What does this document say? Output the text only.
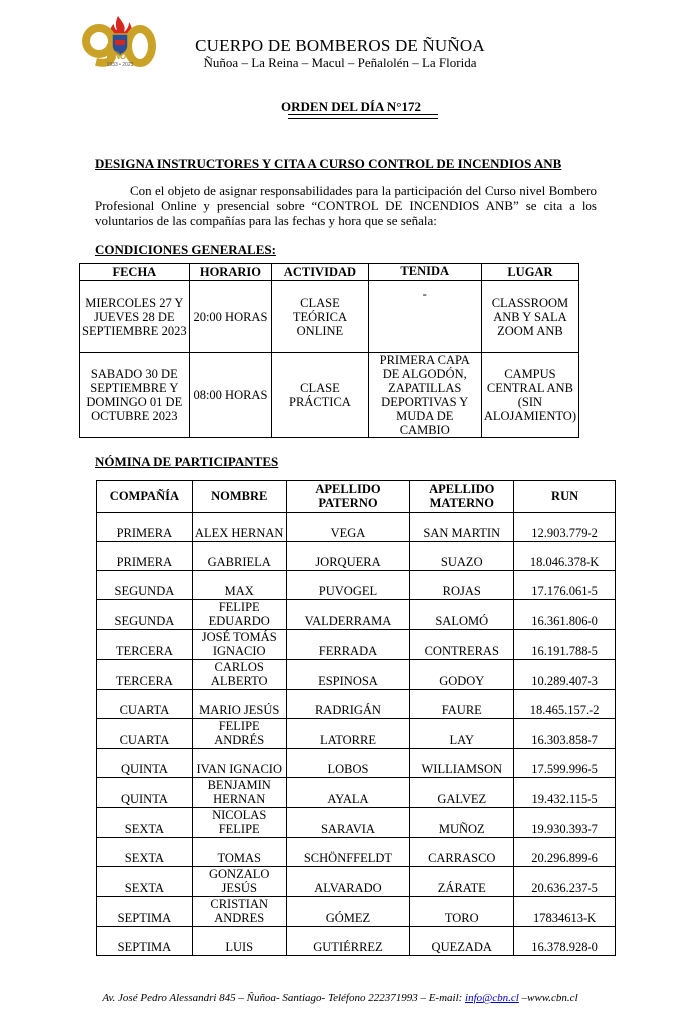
AÑOS
1933 • 2023
CUERPO DE BOMBEROS DE ÑUÑOA
Ñuñoa – La Reina – Macul – Peñalolén – La Florida
ORDEN DEL DÍA N°172
DESIGNA INSTRUCTORES Y CITA A CURSO CONTROL DE INCENDIOS ANB

Con el objeto de asignar responsabilidades para la participación del Curso nivel Bombero Profesional Online y presencial sobre “CONTROL DE INCENDIOS ANB” se cita a los voluntarios de las compañías para las fechas y hora que se señala:

CONDICIONES GENERALES:
FECHA	HORARIO	ACTIVIDAD	TENIDA	LUGAR
MIERCOLES 27 Y JUEVES 28 DE SEPTIEMBRE 2023	20:00 HORAS	CLASE TEÓRICA ONLINE	-	CLASSROOM ANB Y SALA ZOOM ANB
SABADO 30 DE SEPTIEMBRE Y DOMINGO 01 DE OCTUBRE 2023	08:00 HORAS	CLASE PRÁCTICA	PRIMERA CAPA DE ALGODÓN, ZAPATILLAS DEPORTIVAS Y MUDA DE CAMBIO	CAMPUS CENTRAL ANB (SIN ALOJAMIENTO)
NÓMINA DE PARTICIPANTES
COMPAÑÍA	NOMBRE	APELLIDO PATERNO	APELLIDO MATERNO	RUN
PRIMERA	ALEX HERNAN	VEGA	SAN MARTIN	12.903.779-2
PRIMERA	GABRIELA	JORQUERA	SUAZO	18.046.378-K
SEGUNDA	MAX	PUVOGEL	ROJAS	17.176.061-5
SEGUNDA	FELIPE EDUARDO	VALDERRAMA	SALOMÓ	16.361.806-0
TERCERA	JOSÉ TOMÁS IGNACIO	FERRADA	CONTRERAS	16.191.788-5
TERCERA	CARLOS ALBERTO	ESPINOSA	GODOY	10.289.407-3
CUARTA	MARIO JESÚS	RADRIGÁN	FAURE	18.465.157.-2
CUARTA	FELIPE ANDRÉS	LATORRE	LAY	16.303.858-7
QUINTA	IVAN IGNACIO	LOBOS	WILLIAMSON	17.599.996-5
QUINTA	BENJAMIN HERNAN	AYALA	GALVEZ	19.432.115-5
SEXTA	NICOLAS FELIPE	SARAVIA	MUÑOZ	19.930.393-7
SEXTA	TOMAS	SCHÖNFFELDT	CARRASCO	20.296.899-6
SEXTA	GONZALO JESÚS	ALVARADO	ZÁRATE	20.636.237-5
SEPTIMA	CRISTIAN ANDRES	GÓMEZ	TORO	17834613-K
SEPTIMA	LUIS	GUTIÉRREZ	QUEZADA	16.378.928-0
Av. José Pedro Alessandri 845 – Ñuñoa- Santiago- Teléfono 222371993 – E-mail: info@cbn.cl –www.cbn.cl
